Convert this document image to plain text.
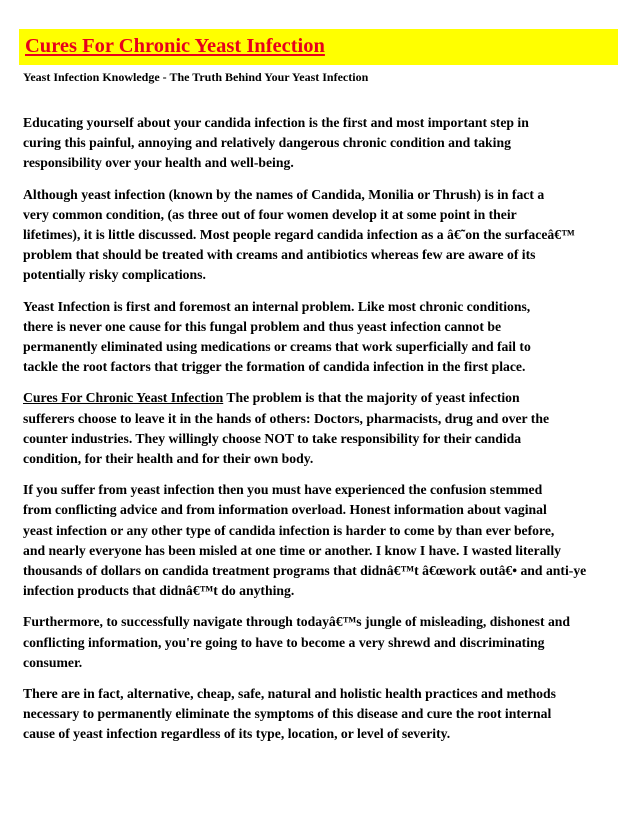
Cures For Chronic Yeast Infection
Yeast Infection Knowledge - The Truth Behind Your Yeast Infection

Educating yourself about your candida infection is the first and most important step in
curing this painful, annoying and relatively dangerous chronic condition and taking
responsibility over your health and well-being.

Although yeast infection (known by the names of Candida, Monilia or Thrush) is in fact a
very common condition, (as three out of four women develop it at some point in their
lifetimes), it is little discussed. Most people regard candida infection as a â€˜on the surfaceâ€™
problem that should be treated with creams and antibiotics whereas few are aware of its
potentially risky complications.

Yeast Infection is first and foremost an internal problem. Like most chronic conditions,
there is never one cause for this fungal problem and thus yeast infection cannot be
permanently eliminated using medications or creams that work superficially and fail to
tackle the root factors that trigger the formation of candida infection in the first place.

Cures For Chronic Yeast Infection The problem is that the majority of yeast infection
sufferers choose to leave it in the hands of others: Doctors, pharmacists, drug and over the
counter industries. They willingly choose NOT to take responsibility for their candida
condition, for their health and for their own body.

If you suffer from yeast infection then you must have experienced the confusion stemmed
from conflicting advice and from information overload. Honest information about vaginal
yeast infection or any other type of candida infection is harder to come by than ever before,
and nearly everyone has been misled at one time or another. I know I have. I wasted literally
thousands of dollars on candida treatment programs that didnâ€™t â€œwork outâ€• and anti-ye
infection products that didnâ€™t do anything.

Furthermore, to successfully navigate through todayâ€™s jungle of misleading, dishonest and
conflicting information, you're going to have to become a very shrewd and discriminating
consumer.

There are in fact, alternative, cheap, safe, natural and holistic health practices and methods
necessary to permanently eliminate the symptoms of this disease and cure the root internal
cause of yeast infection regardless of its type, location, or level of severity.
